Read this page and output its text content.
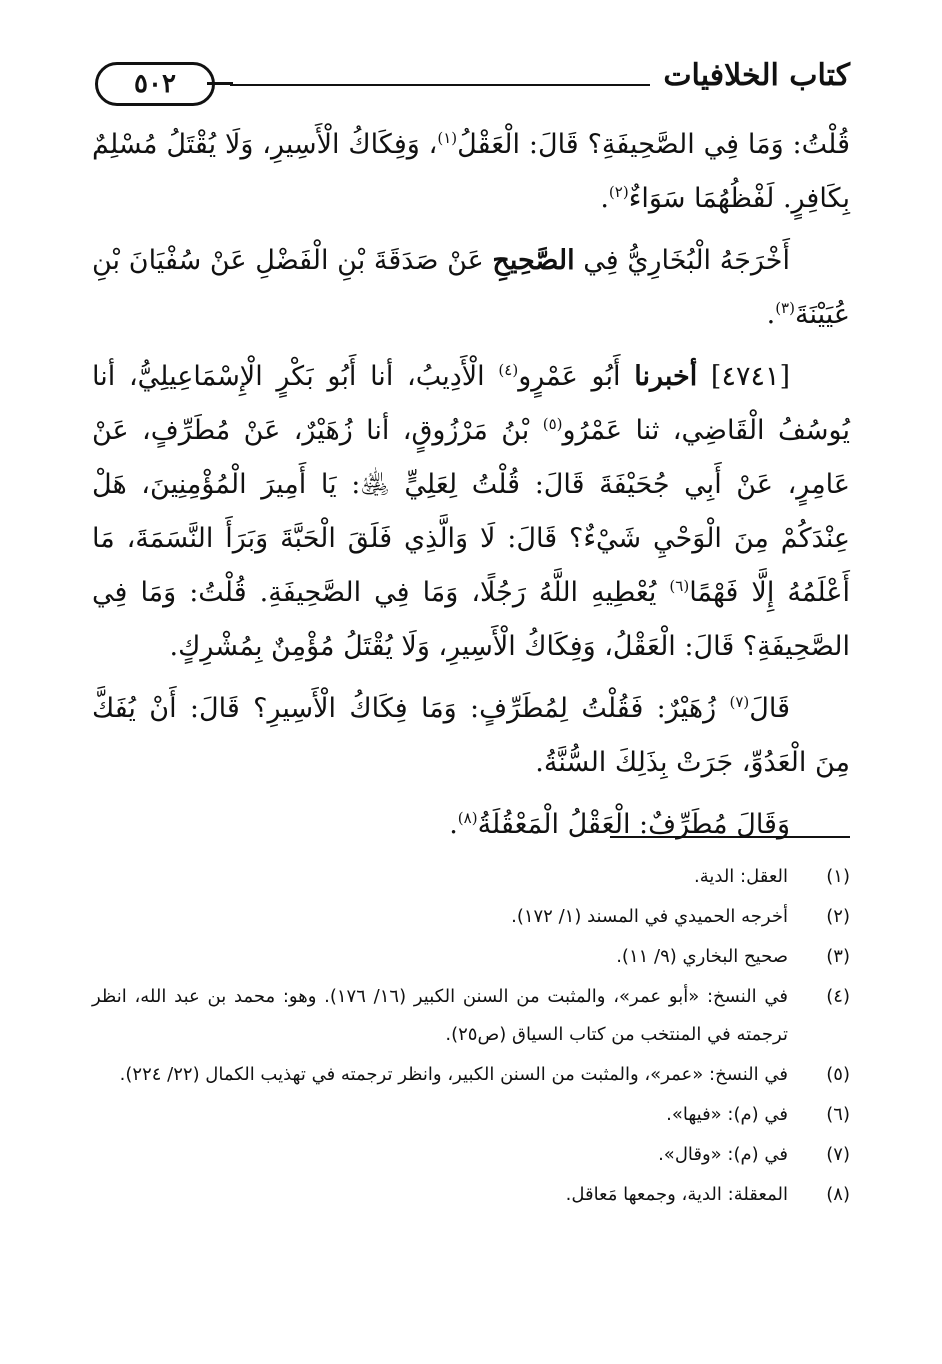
كتاب الخلافيات
٥٠٢

قُلْتُ: وَمَا فِي الصَّحِيفَةِ؟ قَالَ: الْعَقْلُ$^{(١)}$، وَفِكَاكُ الْأَسِيرِ، وَلَا يُقْتَلُ مُسْلِمٌ بِكَافِرٍ. لَفْظُهُمَا سَوَاءٌ$^{(٢)}$.

أَخْرَجَهُ الْبُخَارِيُّ فِي الصَّحِيحِ عَنْ صَدَقَةَ بْنِ الْفَضْلِ عَنْ سُفْيَانَ بْنِ عُيَيْنَةَ$^{(٣)}$.

[٤٧٤١] أخبرنا أَبُو عَمْرٍو$^{(٤)}$ الْأَدِيبُ، أنا أَبُو بَكْرٍ الْإِسْمَاعِيلِيُّ، أنا يُوسُفُ الْقَاضِي، ثنا عَمْرُو$^{(٥)}$ بْنُ مَرْزُوقٍ، أنا زُهَيْرٌ، عَنْ مُطَرِّفٍ، عَنْ عَامِرٍ، عَنْ أَبِي جُحَيْفَةَ قَالَ: قُلْتُ لِعَلِيٍّ ﵁: يَا أَمِيرَ الْمُؤْمِنِينَ، هَلْ عِنْدَكُمْ مِنَ الْوَحْيِ شَيْءٌ؟ قَالَ: لَا وَالَّذِي فَلَقَ الْحَبَّةَ وَبَرَأَ النَّسَمَةَ، مَا أَعْلَمُهُ إِلَّا فَهْمًا$^{(٦)}$ يُعْطِيهِ اللَّهُ رَجُلًا، وَمَا فِي الصَّحِيفَةِ. قُلْتُ: وَمَا فِي الصَّحِيفَةِ؟ قَالَ: الْعَقْلُ، وَفِكَاكُ الْأَسِيرِ، وَلَا يُقْتَلُ مُؤْمِنٌ بِمُشْرِكٍ.

قَالَ$^{(٧)}$ زُهَيْرٌ: فَقُلْتُ لِمُطَرِّفٍ: وَمَا فِكَاكُ الْأَسِيرِ؟ قَالَ: أَنْ يُفَكَّ مِنَ الْعَدُوِّ، جَرَتْ بِذَلِكَ السُّنَّةُ.

وَقَالَ مُطَرِّفٌ: الْعَقْلُ الْمَعْقُلَةُ$^{(٨)}$.

(١)
العقل: الدية.
(٢)
أخرجه الحميدي في المسند (١/ ١٧٢).
(٣)
صحيح البخاري (٩/ ١١).
(٤)
في النسخ: «أبو عمر»، والمثبت من السنن الكبير (١٦/ ١٧٦). وهو: محمد بن عبد الله، انظر ترجمته في المنتخب من كتاب السياق (ص٢٥).
(٥)
في النسخ: «عمر»، والمثبت من السنن الكبير، وانظر ترجمته في تهذيب الكمال (٢٢/ ٢٢٤).
(٦)
في (م): «فيها».
(٧)
في (م): «وقال».
(٨)
المعقلة: الدية، وجمعها مَعاقل.
